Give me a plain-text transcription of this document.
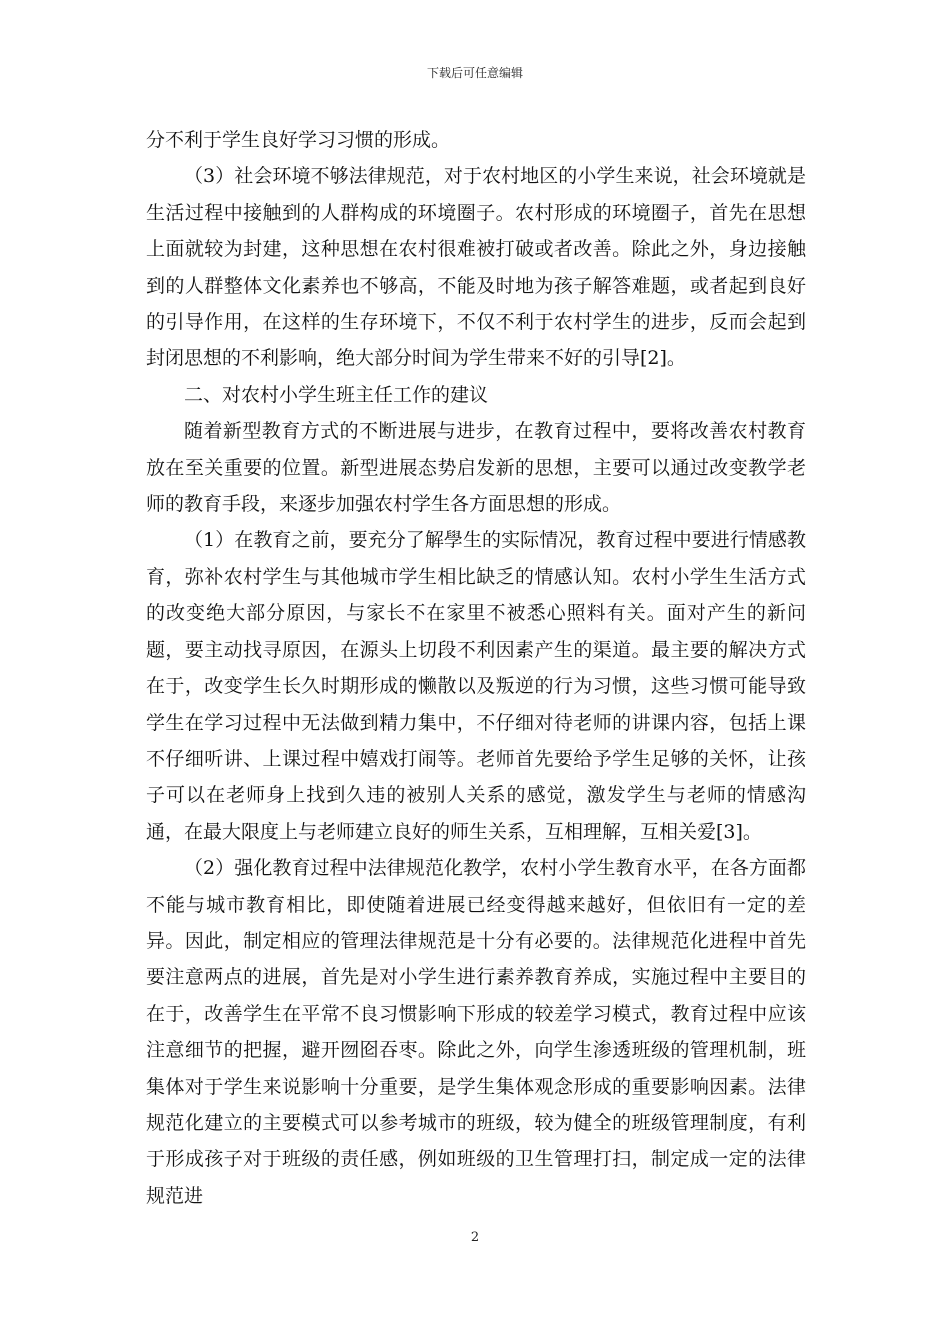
下载后可任意编辑

分不利于学生良好学习习惯的形成。

（3）社会环境不够法律规范，对于农村地区的小学生来说，社会环境就是生活过程中接触到的人群构成的环境圈子。农村形成的环境圈子，首先在思想上面就较为封建，这种思想在农村很难被打破或者改善。除此之外，身边接触到的人群整体文化素养也不够高，不能及时地为孩子解答难题，或者起到良好的引导作用，在这样的生存环境下，不仅不利于农村学生的进步，反而会起到封闭思想的不利影响，绝大部分时间为学生带来不好的引导[2]。

二、对农村小学生班主任工作的建议

随着新型教育方式的不断进展与进步，在教育过程中，要将改善农村教育放在至关重要的位置。新型进展态势启发新的思想，主要可以通过改变教学老师的教育手段，来逐步加强农村学生各方面思想的形成。

（1）在教育之前，要充分了解學生的实际情况，教育过程中要进行情感教育，弥补农村学生与其他城市学生相比缺乏的情感认知。农村小学生生活方式的改变绝大部分原因，与家长不在家里不被悉心照料有关。面对产生的新问题，要主动找寻原因，在源头上切段不利因素产生的渠道。最主要的解决方式在于，改变学生长久时期形成的懒散以及叛逆的行为习惯，这些习惯可能导致学生在学习过程中无法做到精力集中，不仔细对待老师的讲课内容，包括上课不仔细听讲、上课过程中嬉戏打闹等。老师首先要给予学生足够的关怀，让孩子可以在老师身上找到久违的被别人关系的感觉，激发学生与老师的情感沟通，在最大限度上与老师建立良好的师生关系，互相理解，互相关爱[3]。

（2）强化教育过程中法律规范化教学，农村小学生教育水平，在各方面都不能与城市教育相比，即使随着进展已经变得越来越好，但依旧有一定的差异。因此，制定相应的管理法律规范是十分有必要的。法律规范化进程中首先要注意两点的进展，首先是对小学生进行素养教育养成，实施过程中主要目的在于，改善学生在平常不良习惯影响下形成的较差学习模式，教育过程中应该注意细节的把握，避开囫囵吞枣。除此之外，向学生渗透班级的管理机制，班集体对于学生来说影响十分重要，是学生集体观念形成的重要影响因素。法律规范化建立的主要模式可以参考城市的班级，较为健全的班级管理制度，有利于形成孩子对于班级的责任感，例如班级的卫生管理打扫，制定成一定的法律规范进

2
